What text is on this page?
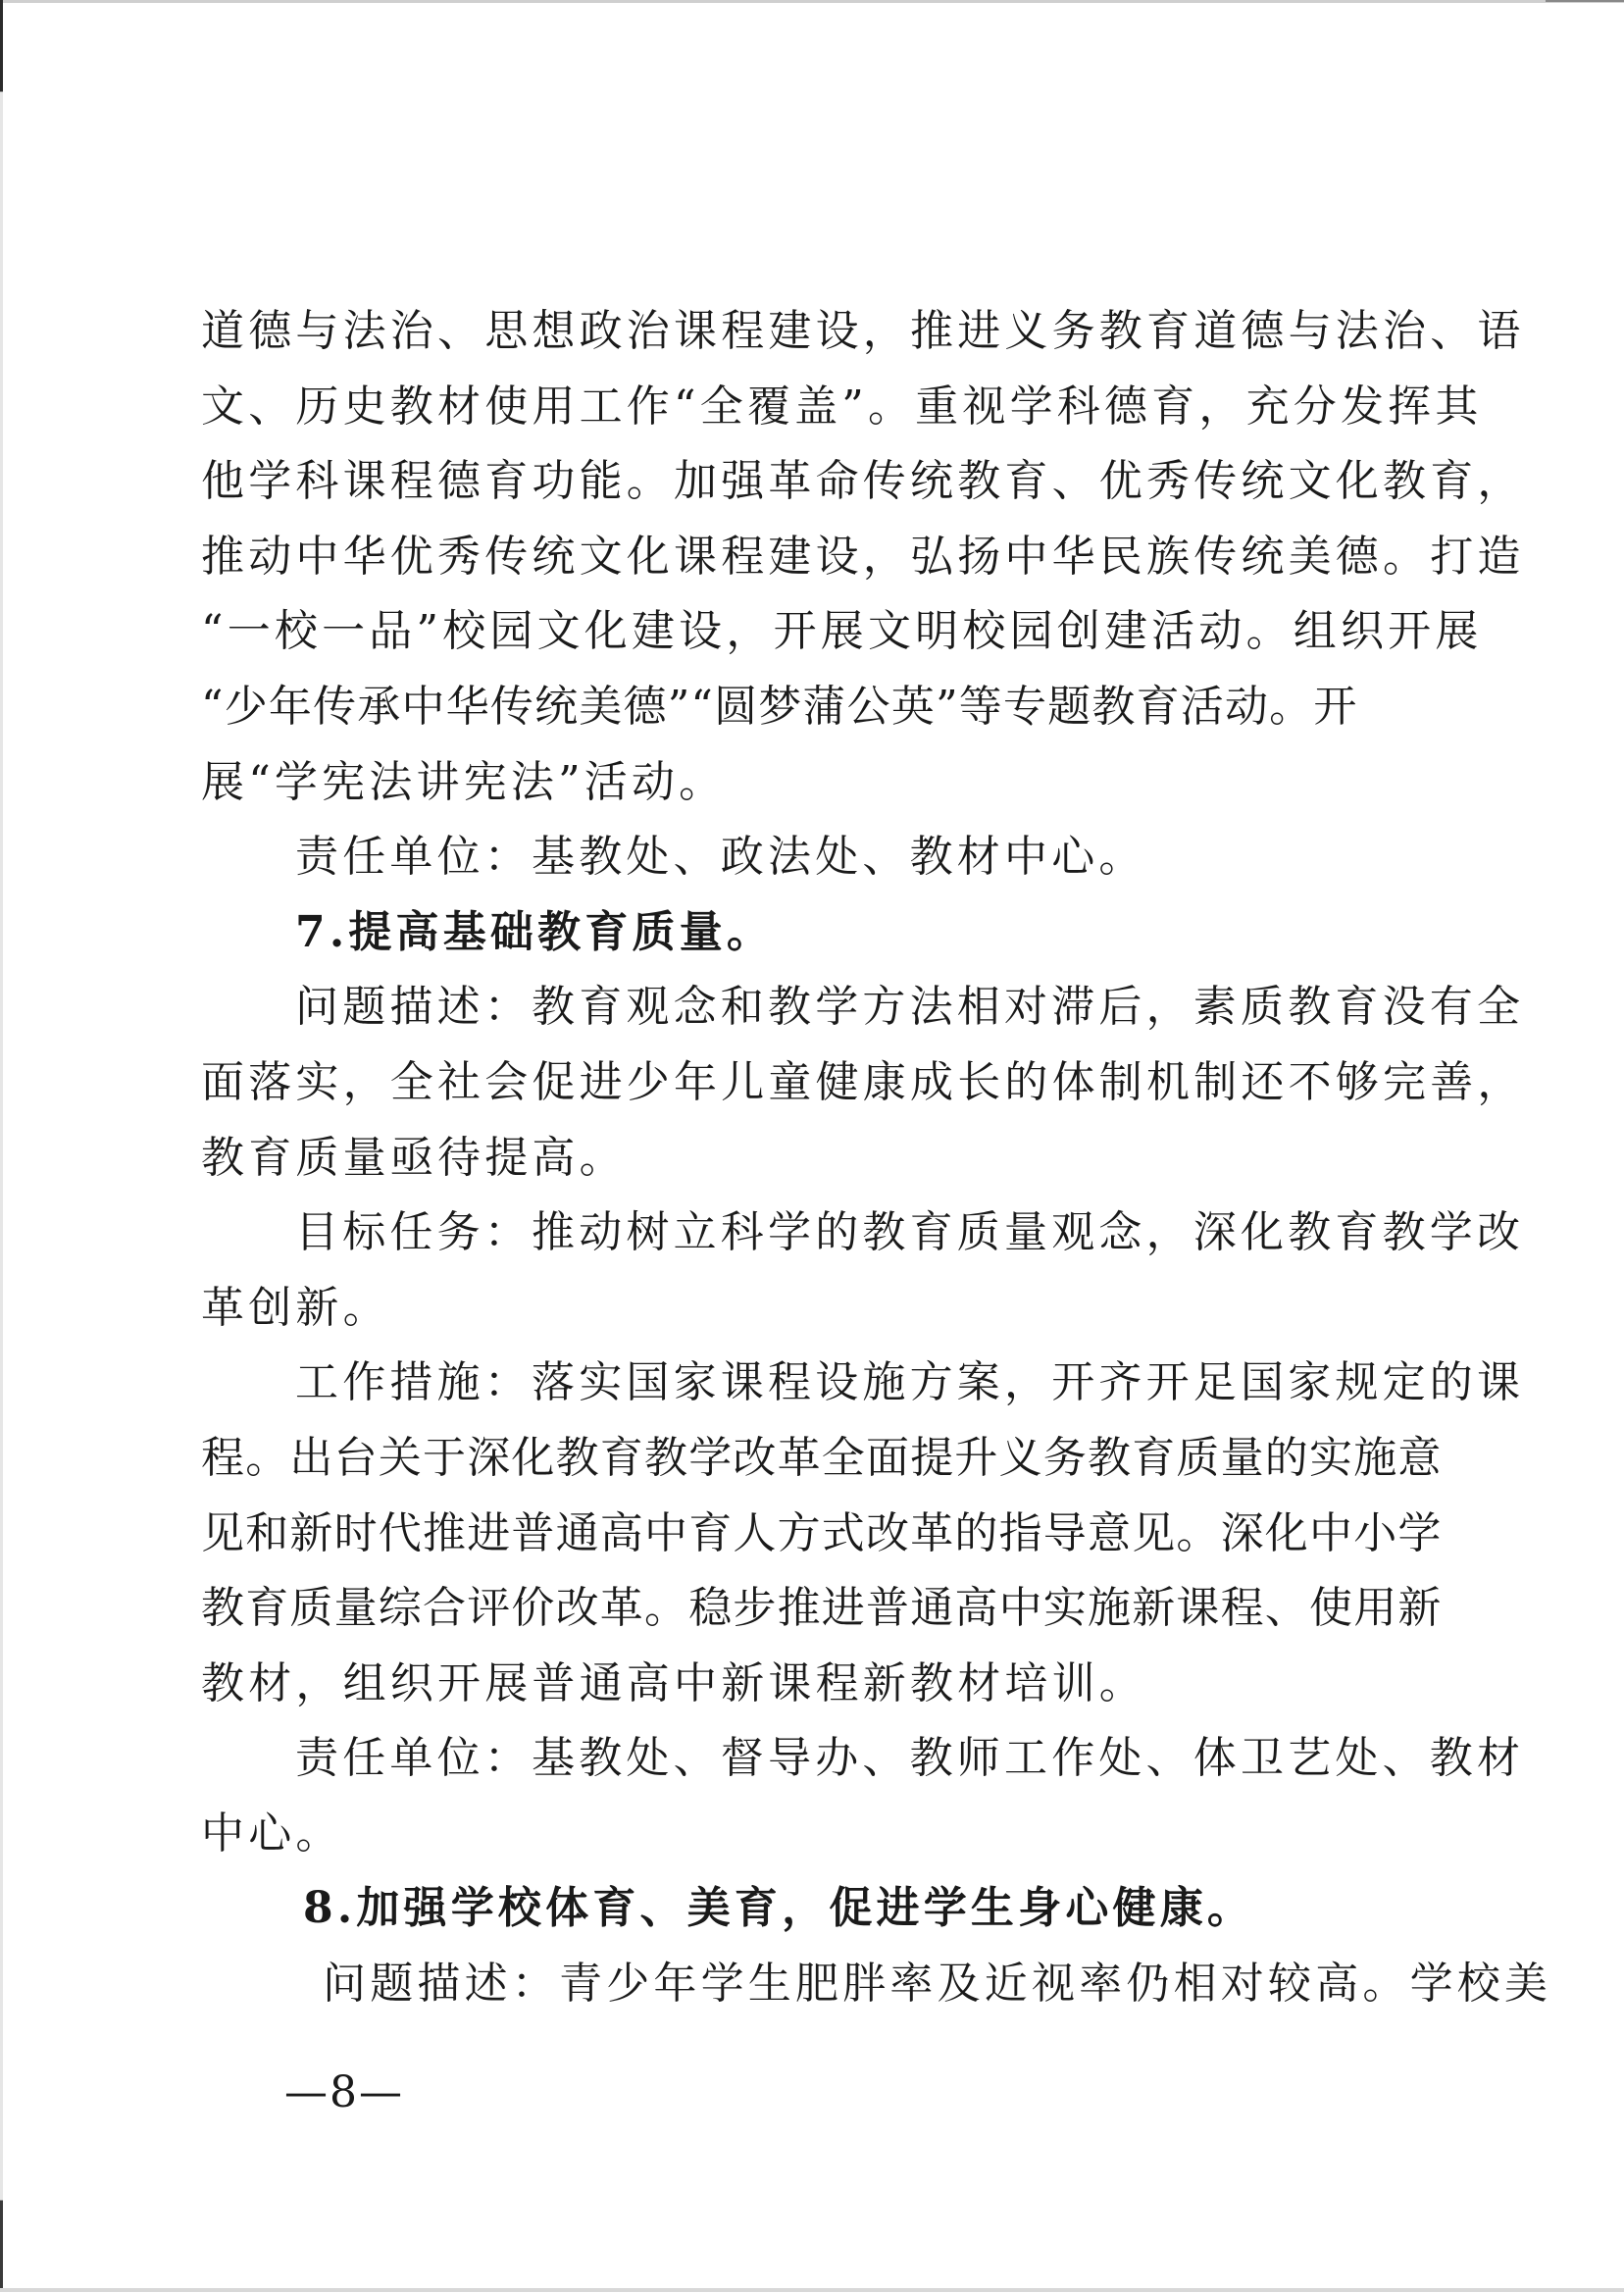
道德与法治、思想政治课程建设，推进义务教育道德与法治、语
文、历史教材使用工作“全覆盖”。重视学科德育，充分发挥其
他学科课程德育功能。加强革命传统教育、优秀传统文化教育，
推动中华优秀传统文化课程建设，弘扬中华民族传统美德。打造
“一校一品”校园文化建设，开展文明校园创建活动。组织开展
“少年传承中华传统美德”“圆梦蒲公英”等专题教育活动。开
展“学宪法讲宪法”活动。
责任单位：基教处、政法处、教材中心。
7.提高基础教育质量。
问题描述：教育观念和教学方法相对滞后，素质教育没有全
面落实，全社会促进少年儿童健康成长的体制机制还不够完善，
教育质量亟待提高。
目标任务：推动树立科学的教育质量观念，深化教育教学改
革创新。
工作措施：落实国家课程设施方案，开齐开足国家规定的课
程。出台关于深化教育教学改革全面提升义务教育质量的实施意
见和新时代推进普通高中育人方式改革的指导意见。深化中小学
教育质量综合评价改革。稳步推进普通高中实施新课程、使用新
教材，组织开展普通高中新课程新教材培训。
责任单位：基教处、督导办、教师工作处、体卫艺处、教材
中心。
8.加强学校体育、美育，促进学生身心健康。
问题描述：青少年学生肥胖率及近视率仍相对较高。学校美
—8—
